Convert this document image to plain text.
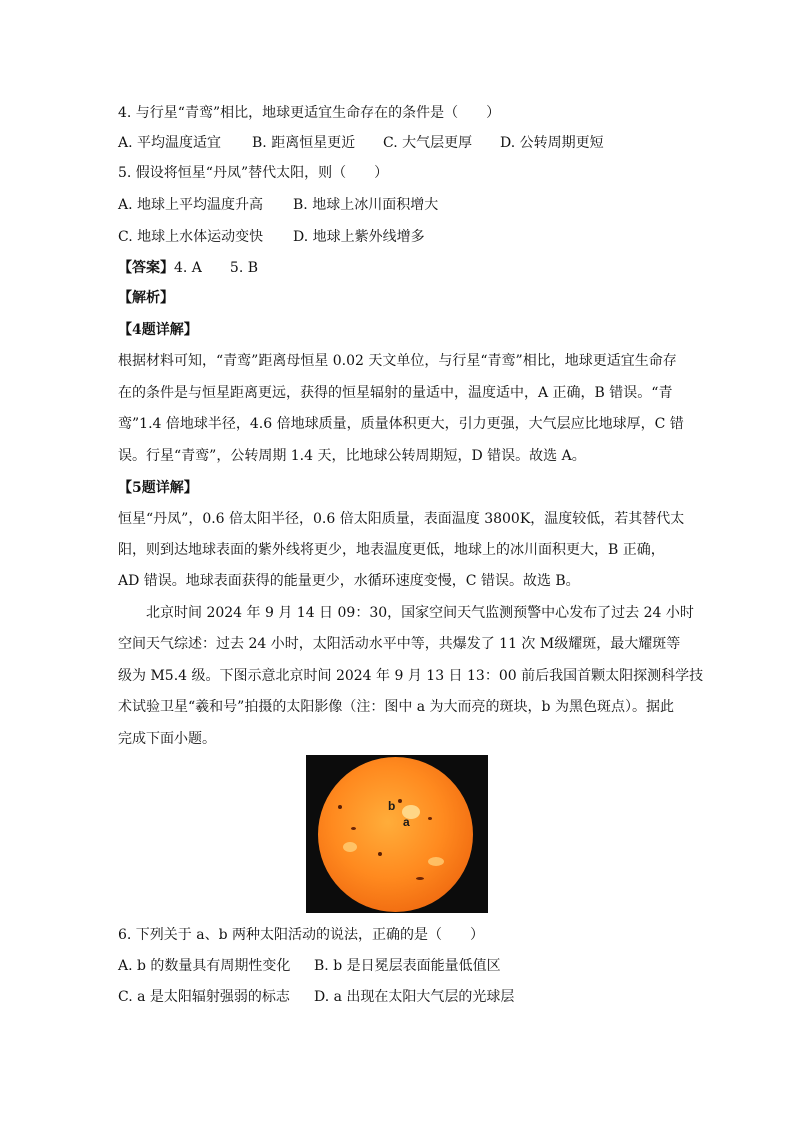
4. 与行星“青鸾”相比，地球更适宜生命存在的条件是（　　）
A. 平均温度适宜 B. 距离恒星更近 C. 大气层更厚 D. 公转周期更短
5. 假设将恒星“丹凤”替代太阳，则（　　）
A. 地球上平均温度升高 B. 地球上冰川面积增大
C. 地球上水体运动变快 D. 地球上紫外线增多
【答案】4. A　　5. B
【解析】
【4题详解】
根据材料可知，“青鸾”距离母恒星 0.02 天文单位，与行星“青鸾”相比，地球更适宜生命存
在的条件是与恒星距离更远，获得的恒星辐射的量适中，温度适中，A 正确，B 错误。“青
鸾”1.4 倍地球半径，4.6 倍地球质量，质量体积更大，引力更强，大气层应比地球厚，C 错
误。行星“青鸾”，公转周期 1.4 天，比地球公转周期短，D 错误。故选 A。
【5题详解】
恒星“丹凤”，0.6 倍太阳半径，0.6 倍太阳质量，表面温度 3800K，温度较低，若其替代太
阳，则到达地球表面的紫外线将更少，地表温度更低，地球上的冰川面积更大，B 正确，
AD 错误。地球表面获得的能量更少，水循环速度变慢，C 错误。故选 B。
北京时间 2024 年 9 月 14 日 09：30，国家空间天气监测预警中心发布了过去 24 小时
空间天气综述：过去 24 小时，太阳活动水平中等，共爆发了 11 次 M级耀斑，最大耀斑等
级为 M5.4 级。下图示意北京时间 2024 年 9 月 13 日 13：00 前后我国首颗太阳探测科学技
术试验卫星“羲和号”拍摄的太阳影像（注：图中 a 为大而亮的斑块，b 为黑色斑点）。据此
完成下面小题。
b
a
6. 下列关于 a、b 两种太阳活动的说法，正确的是（　　）
A. b 的数量具有周期性变化 B. b 是日冕层表面能量低值区
C. a 是太阳辐射强弱的标志 D. a 出现在太阳大气层的光球层
